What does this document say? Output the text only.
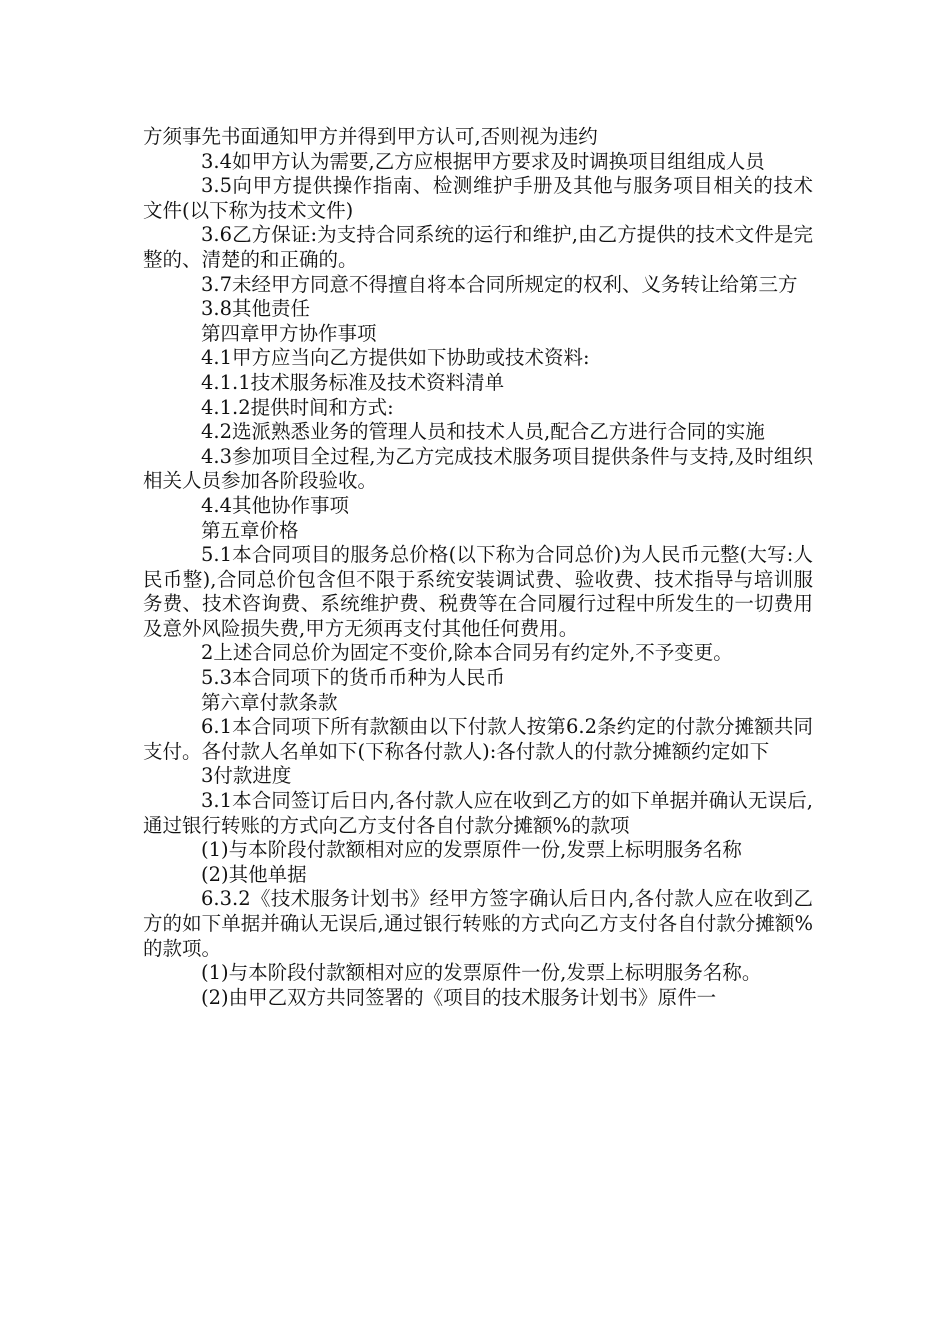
方须事先书面通知甲方并得到甲方认可,否则视为违约

3.4如甲方认为需要,乙方应根据甲方要求及时调换项目组组成人员

3.5向甲方提供操作指南、检测维护手册及其他与服务项目相关的技术文件(以下称为技术文件)

3.6乙方保证:为支持合同系统的运行和维护,由乙方提供的技术文件是完整的、清楚的和正确的。

3.7未经甲方同意不得擅自将本合同所规定的权利、义务转让给第三方

3.8其他责任

第四章甲方协作事项

4.1甲方应当向乙方提供如下协助或技术资料:

4.1.1技术服务标准及技术资料清单

4.1.2提供时间和方式:

4.2选派熟悉业务的管理人员和技术人员,配合乙方进行合同的实施

4.3参加项目全过程,为乙方完成技术服务项目提供条件与支持,及时组织相关人员参加各阶段验收。

4.4其他协作事项

第五章价格

5.1本合同项目的服务总价格(以下称为合同总价)为人民币元整(大写:人民币整),合同总价包含但不限于系统安装调试费、验收费、技术指导与培训服务费、技术咨询费、系统维护费、税费等在合同履行过程中所发生的一切费用及意外风险损失费,甲方无须再支付其他任何费用。

2上述合同总价为固定不变价,除本合同另有约定外,不予变更。

5.3本合同项下的货币币种为人民币

第六章付款条款

6.1本合同项下所有款额由以下付款人按第6.2条约定的付款分摊额共同支付。各付款人名单如下(下称各付款人):各付款人的付款分摊额约定如下

3付款进度

3.1本合同签订后日内,各付款人应在收到乙方的如下单据并确认无误后,通过银行转账的方式向乙方支付各自付款分摊额%的款项

(1)与本阶段付款额相对应的发票原件一份,发票上标明服务名称

(2)其他单据

6.3.2《技术服务计划书》经甲方签字确认后日内,各付款人应在收到乙方的如下单据并确认无误后,通过银行转账的方式向乙方支付各自付款分摊额%的款项。

(1)与本阶段付款额相对应的发票原件一份,发票上标明服务名称。

(2)由甲乙双方共同签署的《项目的技术服务计划书》原件一
